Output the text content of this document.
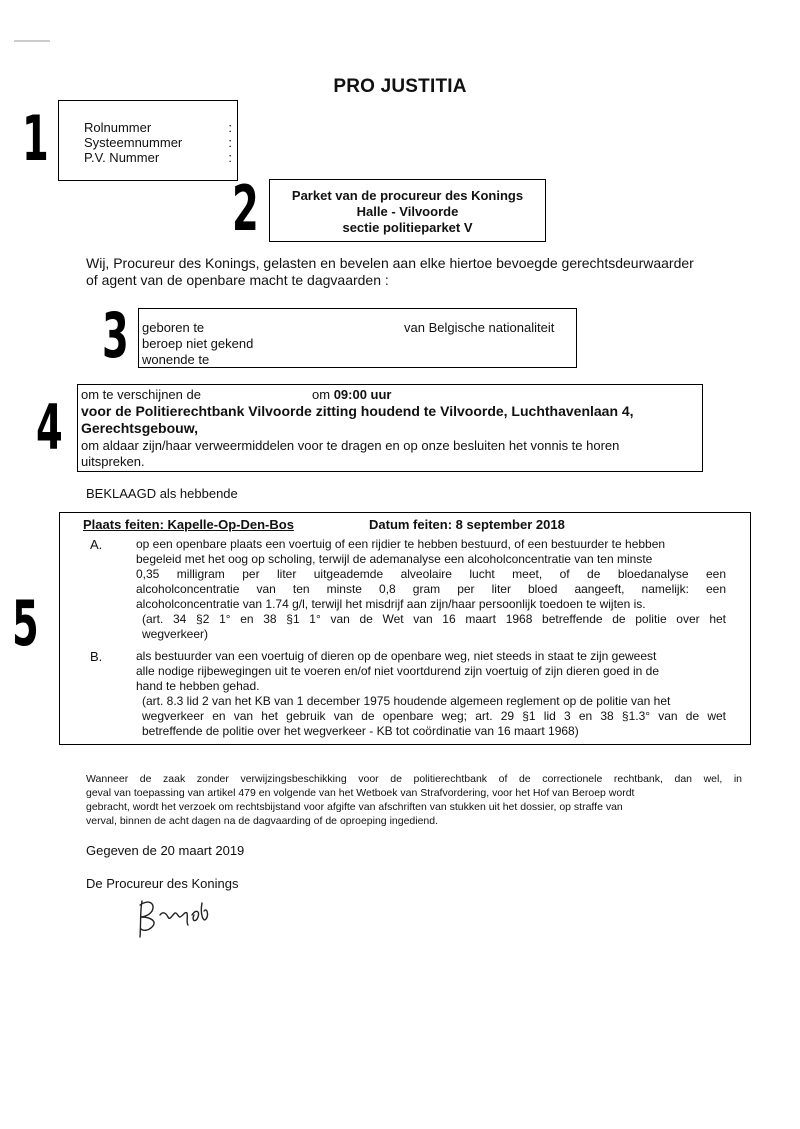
PRO JUSTITIA
1	Rolnummer	:
Systeemnummer	:
P.V. Nummer	:
2	Parket van de procureur des Konings
Halle - Vilvoorde
sectie politieparket V
Wij, Procureur des Konings, gelasten en bevelen aan elke hiertoe bevoegde gerechtsdeurwaarder
of agent van de openbare macht te dagvaarden :
3 geboren te	van Belgische nationaliteit
beroep niet gekend
wonende te
4 om te verschijnen de	om 09:00 uur
voor de Politierechtbank Vilvoorde zitting houdend te Vilvoorde, Luchthavenlaan 4,
Gerechtsgebouw,
om aldaar zijn/haar verweermiddelen voor te dragen en op onze besluiten het vonnis te horen
uitspreken.
BEKLAAGD als hebbende
5
Plaats feiten: Kapelle-Op-Den-Bos	Datum feiten: 8 september 2018
A.	op een openbare plaats een voertuig of een rijdier te hebben bestuurd, of een bestuurder te hebben
begeleid met het oog op scholing, terwijl de ademanalyse een alcoholconcentratie van ten minste
0,35 milligram per liter uitgeademde alveolaire lucht meet, of de bloedanalyse een
alcoholconcentratie van ten minste 0,8 gram per liter bloed aangeeft, namelijk: een
alcoholconcentratie van 1.74 g/l, terwijl het misdrijf aan zijn/haar persoonlijk toedoen te wijten is.
(art. 34 §2 1° en 38 §1 1° van de Wet van 16 maart 1968 betreffende de politie over het
wegverkeer)
B.	als bestuurder van een voertuig of dieren op de openbare weg, niet steeds in staat te zijn geweest
alle nodige rijbewegingen uit te voeren en/of niet voortdurend zijn voertuig of zijn dieren goed in de
hand te hebben gehad.
(art. 8.3 lid 2 van het KB van 1 december 1975 houdende algemeen reglement op de politie van het
wegverkeer en van het gebruik van de openbare weg; art. 29 §1 lid 3 en 38 §1.3° van de wet
betreffende de politie over het wegverkeer - KB tot coördinatie van 16 maart 1968)
Wanneer de zaak zonder verwijzingsbeschikking voor de politierechtbank of de correctionele rechtbank, dan wel, in
geval van toepassing van artikel 479 en volgende van het Wetboek van Strafvordering, voor het Hof van Beroep wordt
gebracht, wordt het verzoek om rechtsbijstand voor afgifte van afschriften van stukken uit het dossier, op straffe van
verval, binnen de acht dagen na de dagvaarding of de oproeping ingediend.
Gegeven de 20 maart 2019
De Procureur des Konings
